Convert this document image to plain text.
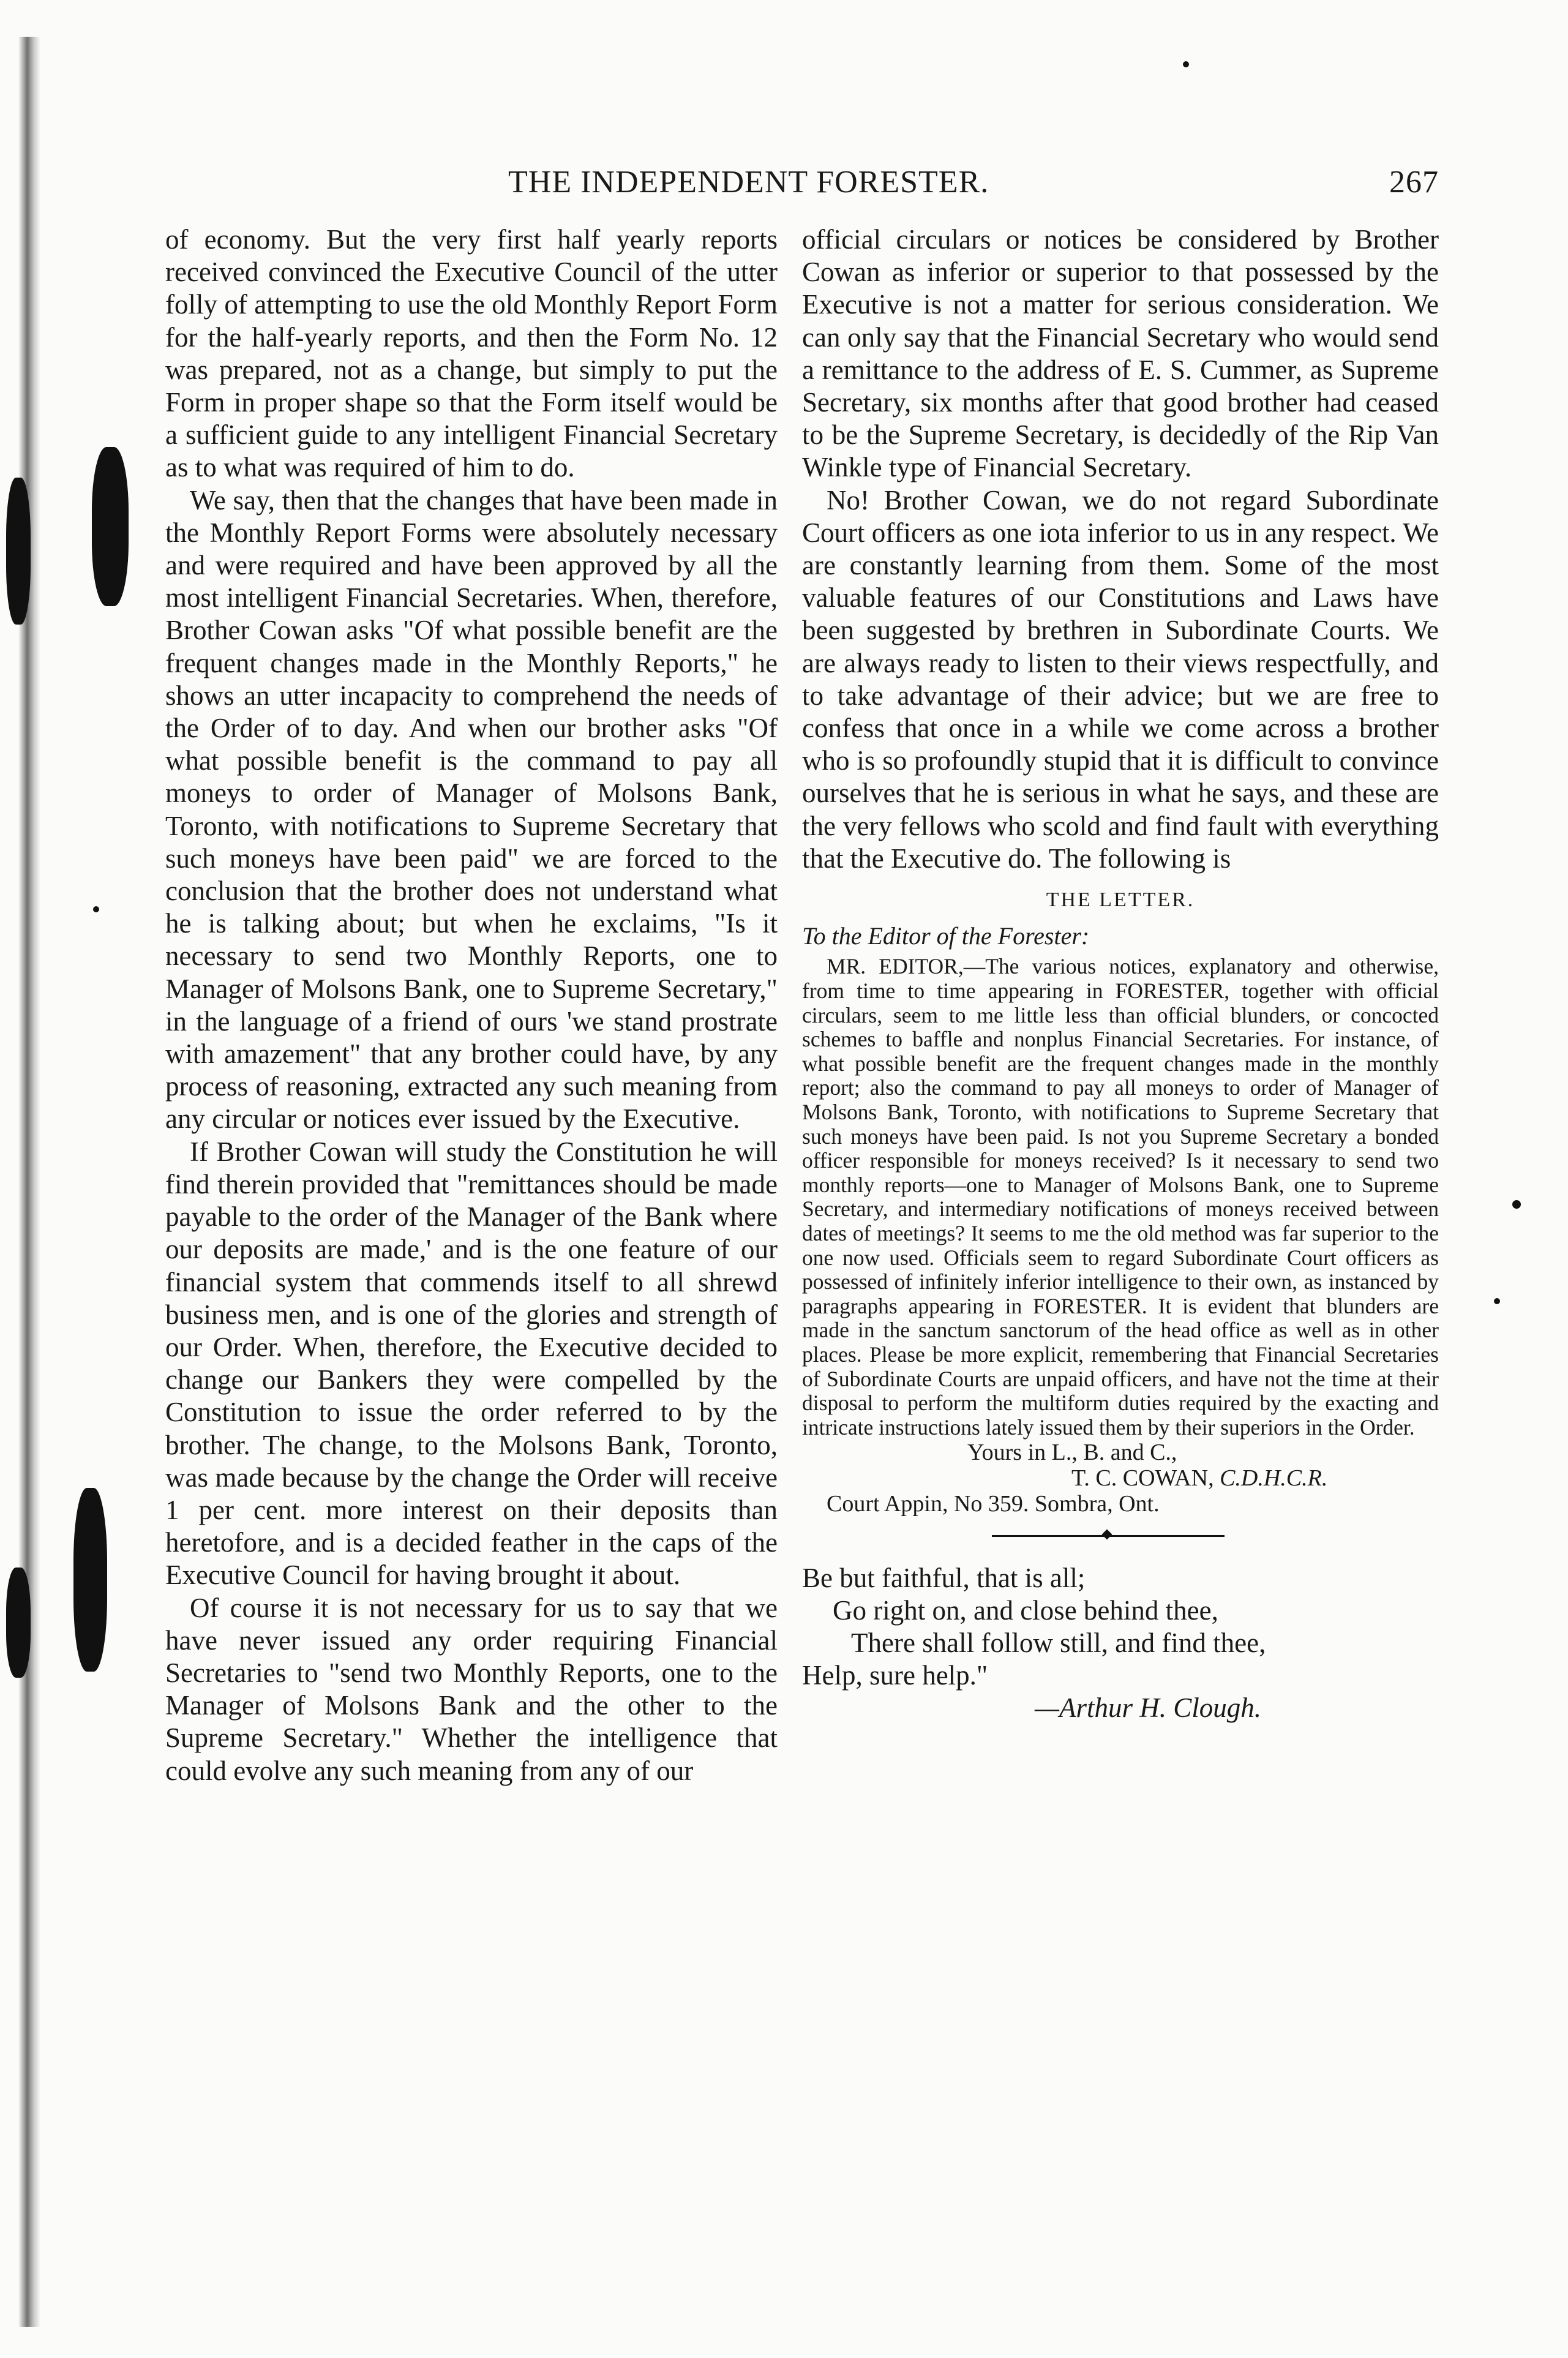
THE INDEPENDENT FORESTER.	267

of economy. But the very first half yearly reports received convinced the Executive Council of the utter folly of attempting to use the old Monthly Report Form for the half-yearly reports, and then the Form No. 12 was prepared, not as a change, but simply to put the Form in proper shape so that the Form itself would be a sufficient guide to any intelligent Financial Secretary as to what was required of him to do.

We say, then that the changes that have been made in the Monthly Report Forms were absolutely necessary and were required and have been approved by all the most intelligent Financial Secretaries. When, therefore, Brother Cowan asks "Of what possible benefit are the frequent changes made in the Monthly Reports," he shows an utter incapacity to comprehend the needs of the Order of to day. And when our brother asks "Of what possible benefit is the command to pay all moneys to order of Manager of Molsons Bank, Toronto, with notifications to Supreme Secretary that such moneys have been paid" we are forced to the conclusion that the brother does not understand what he is talking about; but when he exclaims, "Is it necessary to send two Monthly Reports, one to Manager of Molsons Bank, one to Supreme Secretary," in the language of a friend of ours 'we stand prostrate with amazement" that any brother could have, by any process of reasoning, extracted any such meaning from any circular or notices ever issued by the Executive.

If Brother Cowan will study the Constitution he will find therein provided that "remittances should be made payable to the order of the Manager of the Bank where our deposits are made,' and is the one feature of our financial system that commends itself to all shrewd business men, and is one of the glories and strength of our Order. When, therefore, the Executive decided to change our Bankers they were compelled by the Constitution to issue the order referred to by the brother. The change, to the Molsons Bank, Toronto, was made because by the change the Order will receive 1 per cent. more interest on their deposits than heretofore, and is a decided feather in the caps of the Executive Council for having brought it about.

Of course it is not necessary for us to say that we have never issued any order requiring Financial Secretaries to "send two Monthly Reports, one to the Manager of Molsons Bank and the other to the Supreme Secretary." Whether the intelligence that could evolve any such meaning from any of our

official circulars or notices be considered by Brother Cowan as inferior or superior to that possessed by the Executive is not a matter for serious consideration. We can only say that the Financial Secretary who would send a remittance to the address of E. S. Cummer, as Supreme Secretary, six months after that good brother had ceased to be the Supreme Secretary, is decidedly of the Rip Van Winkle type of Financial Secretary.

No! Brother Cowan, we do not regard Subordinate Court officers as one iota inferior to us in any respect. We are constantly learning from them. Some of the most valuable features of our Constitutions and Laws have been suggested by brethren in Subordinate Courts. We are always ready to listen to their views respectfully, and to take advantage of their advice; but we are free to confess that once in a while we come across a brother who is so profoundly stupid that it is difficult to convince ourselves that he is serious in what he says, and these are the very fellows who scold and find fault with everything that the Executive do. The following is

THE LETTER.
To the Editor of the Forester:

MR. EDITOR,—The various notices, explanatory and otherwise, from time to time appearing in FORESTER, together with official circulars, seem to me little less than official blunders, or concocted schemes to baffle and nonplus Financial Secretaries. For instance, of what possible benefit are the frequent changes made in the monthly report; also the command to pay all moneys to order of Manager of Molsons Bank, Toronto, with notifications to Supreme Secretary that such moneys have been paid. Is not you Supreme Secretary a bonded officer responsible for moneys received? Is it necessary to send two monthly reports—one to Manager of Molsons Bank, one to Supreme Secretary, and intermediary notifications of moneys received between dates of meetings? It seems to me the old method was far superior to the one now used. Officials seem to regard Subordinate Court officers as possessed of infinitely inferior intelligence to their own, as instanced by paragraphs appearing in FORESTER. It is evident that blunders are made in the sanctum sanctorum of the head office as well as in other places. Please be more explicit, remembering that Financial Secretaries of Subordinate Courts are unpaid officers, and have not the time at their disposal to perform the multiform duties required by the exacting and intricate instructions lately issued them by their superiors in the Order.

Yours in L., B. and C.,
T. C. COWAN, C.D.H.C.R.
Court Appin, No 359. Sombra, Ont.
Be but faithful, that is all;
Go right on, and close behind thee,
There shall follow still, and find thee,
Help, sure help."
—Arthur H. Clough.
